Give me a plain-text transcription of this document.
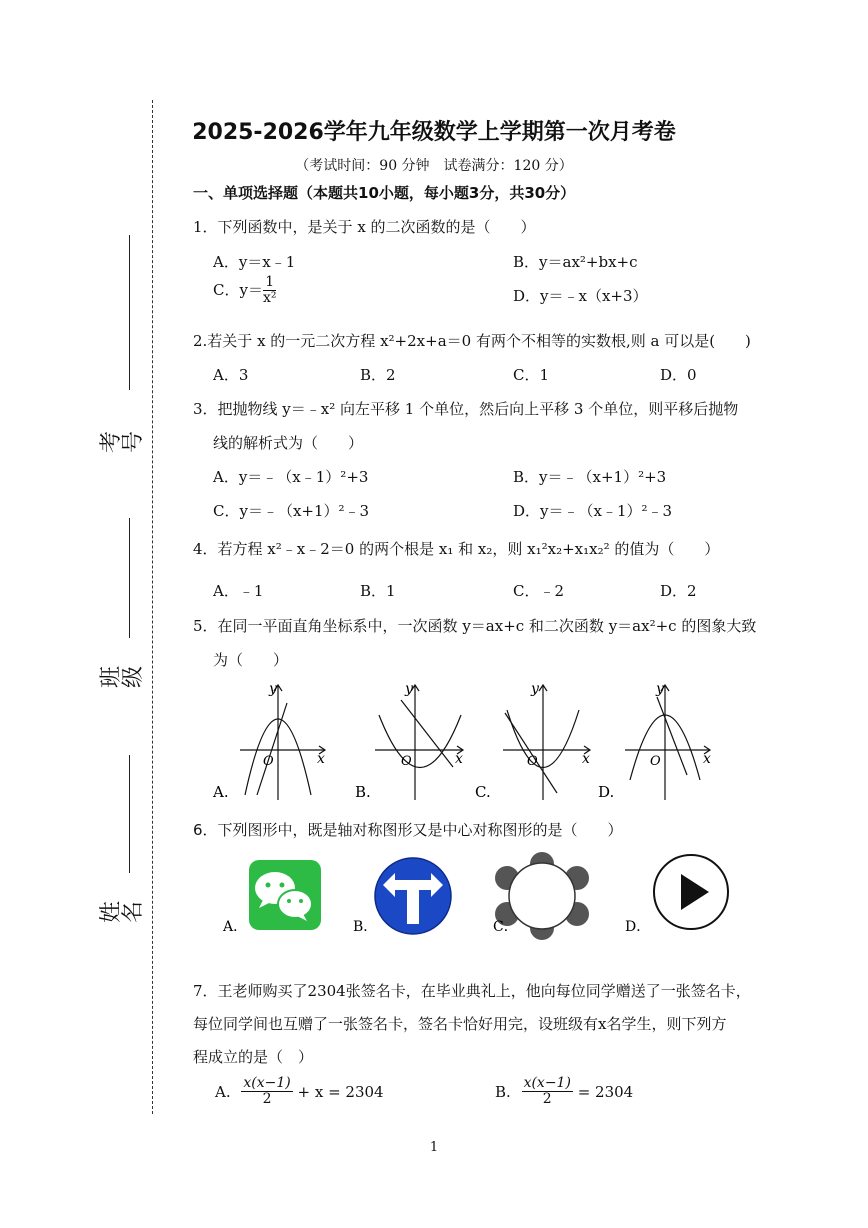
考号
班级
姓名
2025-2026学年九年级数学上学期第一次月考卷
（考试时间：90 分钟　试卷满分：120 分）
一、单项选择题（本题共10小题，每小题3分，共30分）
1．下列函数中，是关于 x 的二次函数的是（　　）
A．y＝x﹣1	B．y＝ax²+bx+c
C．$y= \frac{1}{\text{x²}}$	D．y＝﹣x（x+3）
2.若关于 x 的一元二次方程 x²+2x+a＝0 有两个不相等的实数根,则 a 可以是(　　)
A．3	B．2	C．1	D．0
3．把抛物线 y＝﹣x² 向左平移 1 个单位，然后向上平移 3 个单位，则平移后抛物
线的解析式为（　　）
A．y＝﹣（x﹣1）²+3	B．y＝﹣（x+1）²+3
C．y＝﹣（x+1）²﹣3	D．y＝﹣（x﹣1）²﹣3
4．若方程 x²﹣x﹣2＝0 的两个根是 x₁ 和 x₂，则 x₁²x₂+x₁x₂² 的值为（　　）
A．﹣1	B．1	C．﹣2	D．2
5．在同一平面直角坐标系中，一次函数 y＝ax+c 和二次函数 y＝ax²+c 的图象大致
为（　　）
x
y
O
A.
x
y
O
B.
x
y
O
C.
x
y
O
D.
6．下列图形中，既是轴对称图形又是中心对称图形的是（　　）
A．	B．	C．	D．
7．王老师购买了2304张签名卡，在毕业典礼上，他向每位同学赠送了一张签名卡，
每位同学间也互赠了一张签名卡，签名卡恰好用完，设班级有x名学生，则下列方
程成立的是（　）
A. $\frac{x(x-1)}{2} + x = 2304$	B. $\frac{x(x-1)}{2} = 2304$
1
